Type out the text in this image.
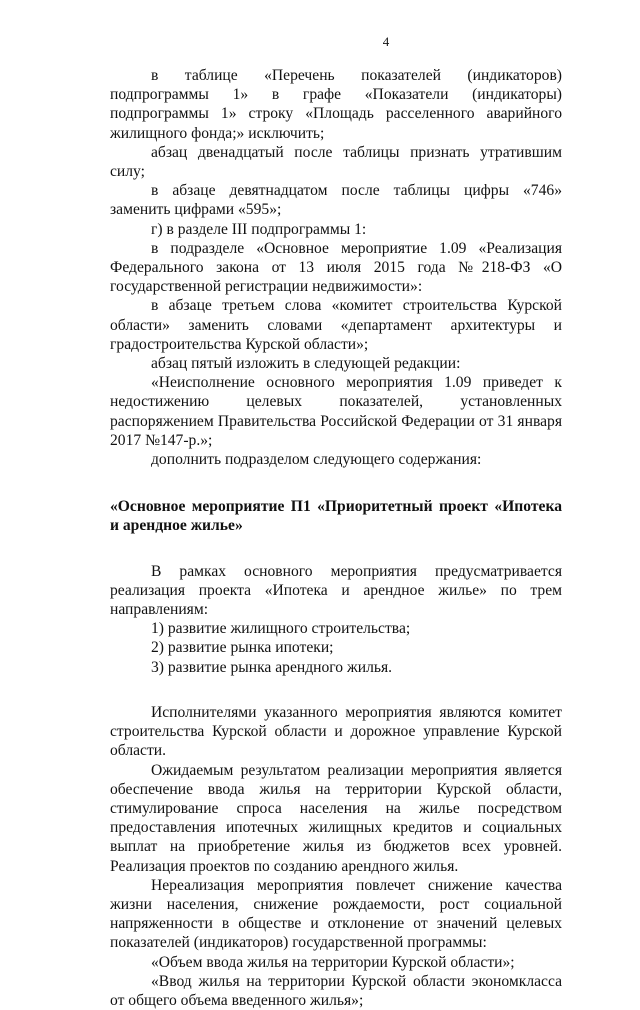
4

в таблице «Перечень показателей (индикаторов) подпрограммы 1» в графе «Показатели (индикаторы) подпрограммы 1» строку «Площадь расселенного аварийного жилищного фонда;» исключить;

абзац двенадцатый после таблицы признать утратившим силу;

в абзаце девятнадцатом после таблицы цифры «746» заменить цифрами «595»;

г) в разделе III подпрограммы 1:

в подразделе «Основное мероприятие 1.09 «Реализация Федерального закона от 13 июля 2015 года №218-ФЗ «О государственной регистрации недвижимости»:

в абзаце третьем слова «комитет строительства Курской области» заменить словами «департамент архитектуры и градостроительства Курской области»;

абзац пятый изложить в следующей редакции:

«Неисполнение основного мероприятия 1.09 приведет к недостижению целевых показателей, установленных распоряжением Правительства Российской Федерации от 31 января 2017 №147-р.»;

дополнить подразделом следующего содержания:

«Основное мероприятие П1 «Приоритетный проект «Ипотека и арендное жилье»

В рамках основного мероприятия предусматривается реализация проекта «Ипотека и арендное жилье» по трем направлениям:

1) развитие жилищного строительства;

2) развитие рынка ипотеки;

3) развитие рынка арендного жилья.

Исполнителями указанного мероприятия являются комитет строительства Курской области и дорожное управление Курской области.

Ожидаемым результатом реализации мероприятия является обеспечение ввода жилья на территории Курской области, стимулирование спроса населения на жилье посредством предоставления ипотечных жилищных кредитов и социальных выплат на приобретение жилья из бюджетов всех уровней. Реализация проектов по созданию арендного жилья.

Нереализация мероприятия повлечет снижение качества жизни населения, снижение рождаемости, рост социальной напряженности в обществе и отклонение от значений целевых показателей (индикаторов) государственной программы:

«Объем ввода жилья на территории Курской области»;

«Ввод жилья на территории Курской области экономкласса от общего объема введенного жилья»;
